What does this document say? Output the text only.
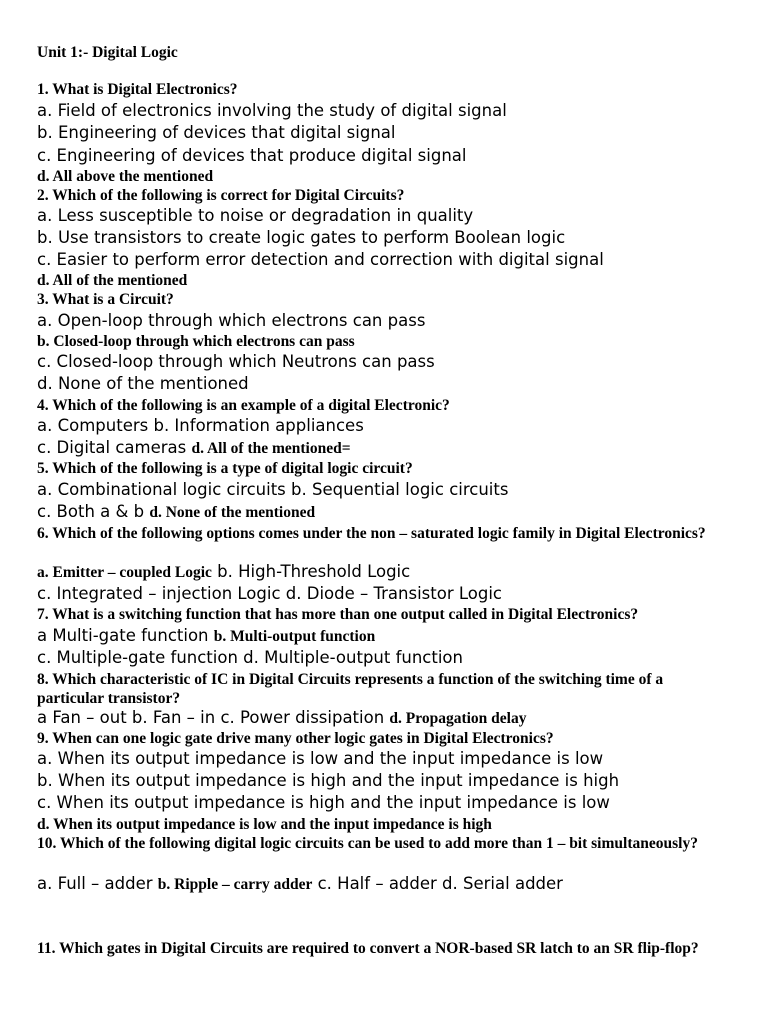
Unit 1:- Digital Logic
1. What is Digital Electronics?
a. Field of electronics involving the study of digital signal
b. Engineering of devices that digital signal
c. Engineering of devices that produce digital signal
d. All above the mentioned
2. Which of the following is correct for Digital Circuits?
a. Less susceptible to noise or degradation in quality
b. Use transistors to create logic gates to perform Boolean logic
c. Easier to perform error detection and correction with digital signal
d. All of the mentioned
3. What is a Circuit?
a. Open-loop through which electrons can pass
b. Closed-loop through which electrons can pass
c. Closed-loop through which Neutrons can pass
d. None of the mentioned
4. Which of the following is an example of a digital Electronic?
a. Computers b. Information appliances
c. Digital cameras d. All of the mentioned=
5. Which of the following is a type of digital logic circuit?
a. Combinational logic circuits b. Sequential logic circuits
c. Both a & b d. None of the mentioned
6. Which of the following options comes under the non – saturated logic family in Digital Electronics?
a. Emitter – coupled Logic b. High-Threshold Logic
c. Integrated – injection Logic d. Diode – Transistor Logic
7. What is a switching function that has more than one output called in Digital Electronics?
a Multi-gate function b. Multi-output function
c. Multiple-gate function d. Multiple-output function
8. Which characteristic of IC in Digital Circuits represents a function of the switching time of a particular transistor?
a Fan – out b. Fan – in c. Power dissipation d. Propagation delay
9. When can one logic gate drive many other logic gates in Digital Electronics?
a. When its output impedance is low and the input impedance is low
b. When its output impedance is high and the input impedance is high
c. When its output impedance is high and the input impedance is low
d. When its output impedance is low and the input impedance is high
10. Which of the following digital logic circuits can be used to add more than 1 – bit simultaneously?
a. Full – adder b. Ripple – carry adder c. Half – adder d. Serial adder
11. Which gates in Digital Circuits are required to convert a NOR-based SR latch to an SR flip-flop?
